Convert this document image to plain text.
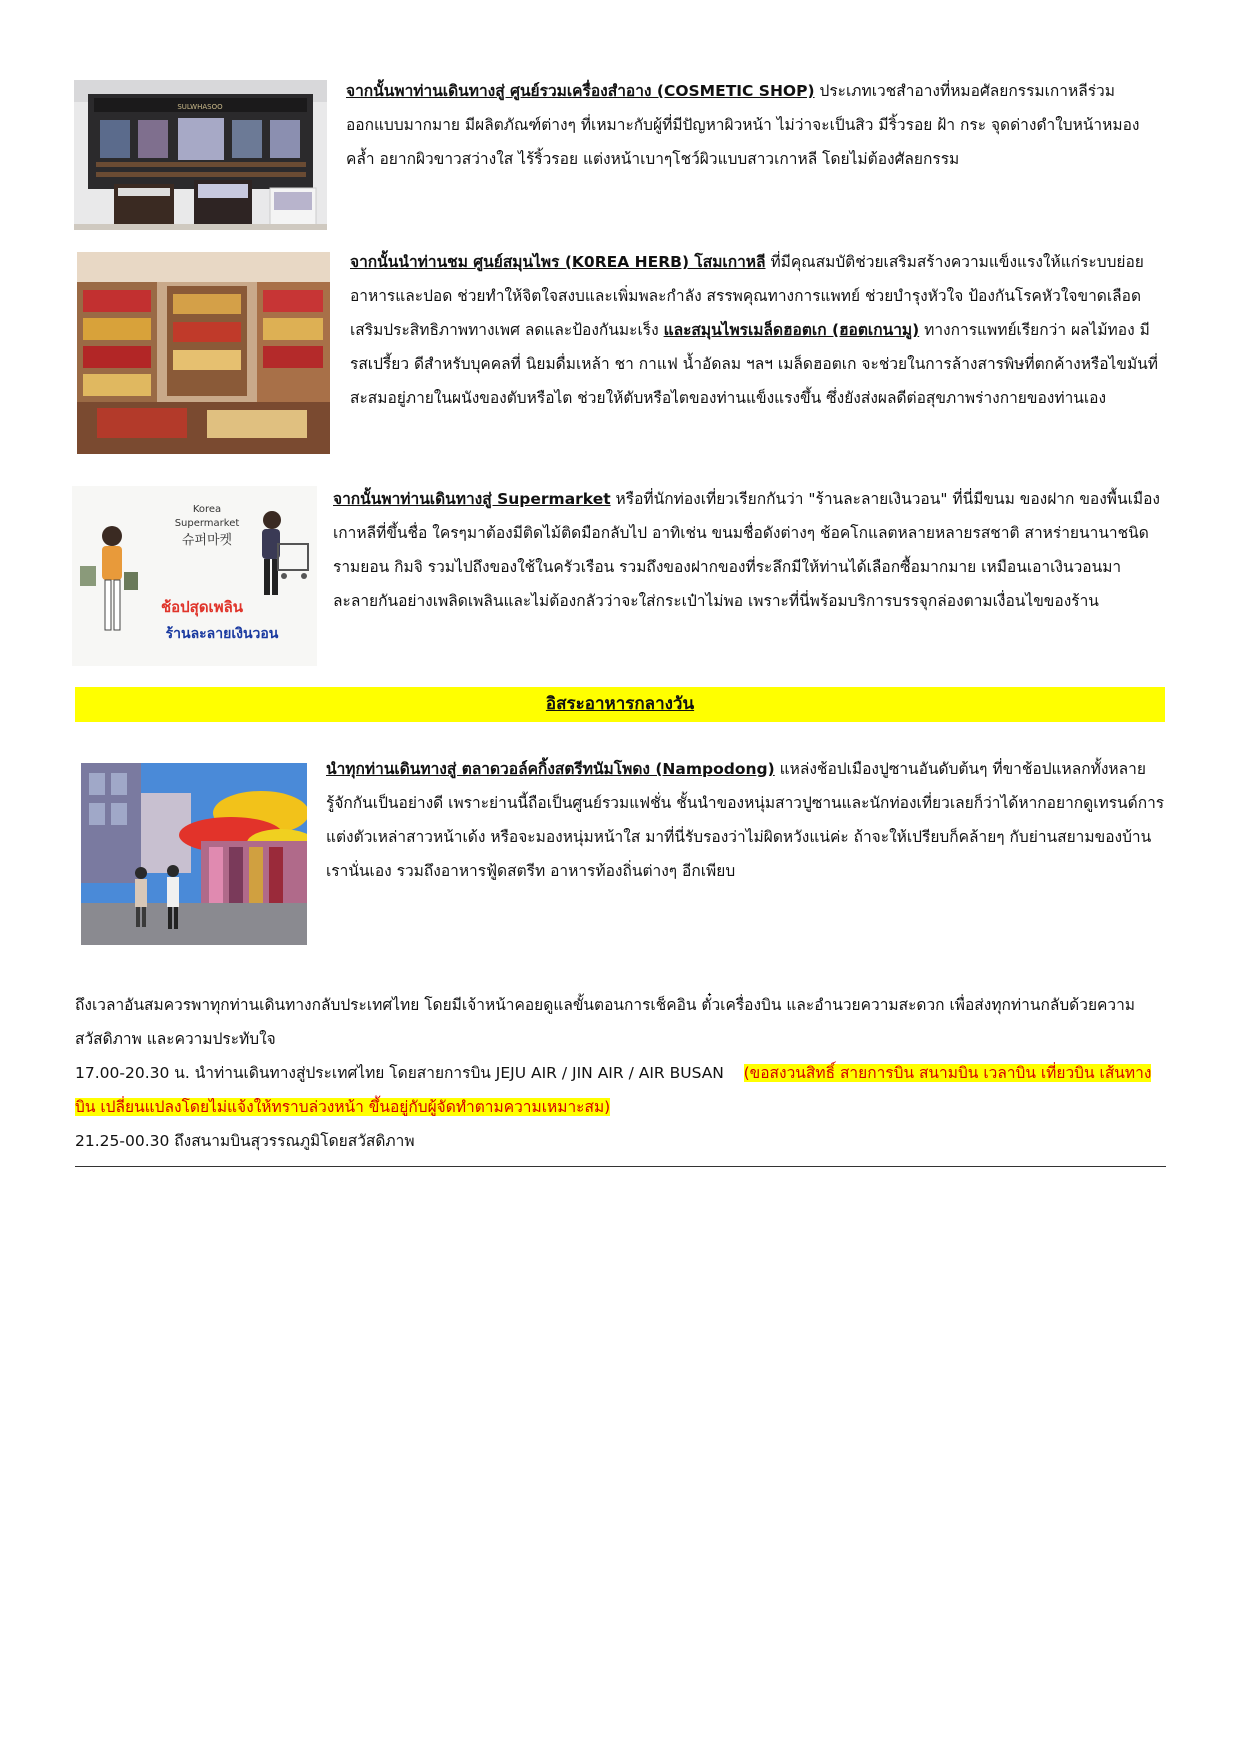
SULWHASOO
จากนั้นพาท่านเดินทางสู่ ศูนย์รวมเครื่องสำอาง (COSMETIC SHOP) ประเภทเวชสำอางที่หมอศัลยกรรมเกาหลีร่วมออกแบบมากมาย มีผลิตภัณฑ์ต่างๆ ที่เหมาะกับผู้ที่มีปัญหาผิวหน้า ไม่ว่าจะเป็นสิว มีริ้วรอย ฝ้า กระ จุดด่างดำใบหน้าหมองคล้ำ อยากผิวขาวสว่างใส ไร้ริ้วรอย แต่งหน้าเบาๆโชว์ผิวแบบสาวเกาหลี โดยไม่ต้องศัลยกรรม
จากนั้นนำท่านชม ศูนย์สมุนไพร (K0REA HERB) โสมเกาหลี ที่มีคุณสมบัติช่วยเสริมสร้างความแข็งแรงให้แก่ระบบย่อยอาหารและปอด ช่วยทำให้จิตใจสงบและเพิ่มพละกำลัง สรรพคุณทางการแพทย์ ช่วยบำรุงหัวใจ ป้องกันโรคหัวใจขาดเลือด เสริมประสิทธิภาพทางเพศ ลดและป้องกันมะเร็ง และสมุนไพรเมล็ดฮอตเก (ฮอตเกนามู) ทางการแพทย์เรียกว่า ผลไม้ทอง มีรสเปรี้ยว ดีสำหรับบุคคลที่ นิยมดื่มเหล้า ชา กาแฟ น้ำอัดลม ฯลฯ เมล็ดฮอตเก จะช่วยในการล้างสารพิษที่ตกค้างหรือไขมันที่สะสมอยู่ภายในผนังของตับหรือไต ช่วยให้ตับหรือไตของท่านแข็งแรงขึ้น ซึ่งยังส่งผลดีต่อสุขภาพร่างกายของท่านเอง
Korea
Supermarket
슈퍼마켓
ช้อปสุดเพลิน
ร้านละลายเงินวอน
จากนั้นพาท่านเดินทางสู่ Supermarket หรือที่นักท่องเที่ยวเรียกกันว่า "ร้านละลายเงินวอน" ที่นี่มีขนม ของฝาก ของพื้นเมืองเกาหลีที่ขึ้นชื่อ ใครๆมาต้องมีติดไม้ติดมือกลับไป อาทิเช่น ขนมชื่อดังต่างๆ ช้อคโกแลตหลายหลายรสชาติ สาหร่ายนานาชนิด รามยอน กิมจิ รวมไปถึงของใช้ในครัวเรือน รวมถึงของฝากของที่ระลึกมีให้ท่านได้เลือกซื้อมากมาย เหมือนเอาเงินวอนมาละลายกันอย่างเพลิดเพลินและไม่ต้องกลัวว่าจะใส่กระเป๋าไม่พอ เพราะที่นี่พร้อมบริการบรรจุกล่องตามเงื่อนไขของร้าน
อิสระอาหารกลางวัน
นำทุกท่านเดินทางสู่ ตลาดวอล์คกิ้งสตรีทนัมโพดง (Nampodong) แหล่งช้อปเมืองปูซานอันดับต้นๆ ที่ขาช้อปแหลกทั้งหลายรู้จักกันเป็นอย่างดี เพราะย่านนี้ถือเป็นศูนย์รวมแฟชั่น ชั้นนำของหนุ่มสาวปูซานและนักท่องเที่ยวเลยก็ว่าได้หากอยากดูเทรนด์การแต่งตัวเหล่าสาวหน้าเด้ง หรือจะมองหนุ่มหน้าใส มาที่นี่รับรองว่าไม่ผิดหวังแน่ค่ะ ถ้าจะให้เปรียบก็คล้ายๆ กับย่านสยามของบ้านเรานั่นเอง รวมถึงอาหารฟู้ดสตรีท อาหารท้องถิ่นต่างๆ อีกเพียบ
ถึงเวลาอันสมควรพาทุกท่านเดินทางกลับประเทศไทย โดยมีเจ้าหน้าคอยดูแลขั้นตอนการเช็คอิน ตั๋วเครื่องบิน และอำนวยความสะดวก เพื่อส่งทุกท่านกลับด้วยความสวัสดิภาพ และความประทับใจ
17.00-20.30 น. นำท่านเดินทางสู่ประเทศไทย โดยสายการบิน JEJU AIR / JIN AIR / AIR BUSAN (ขอสงวนสิทธิ์ สายการบิน สนามบิน เวลาบิน เที่ยวบิน เส้นทางบิน เปลี่ยนแปลงโดยไม่แจ้งให้ทราบล่วงหน้า ขึ้นอยู่กับผู้จัดทำตามความเหมาะสม)
21.25-00.30 ถึงสนามบินสุวรรณภูมิโดยสวัสดิภาพ
